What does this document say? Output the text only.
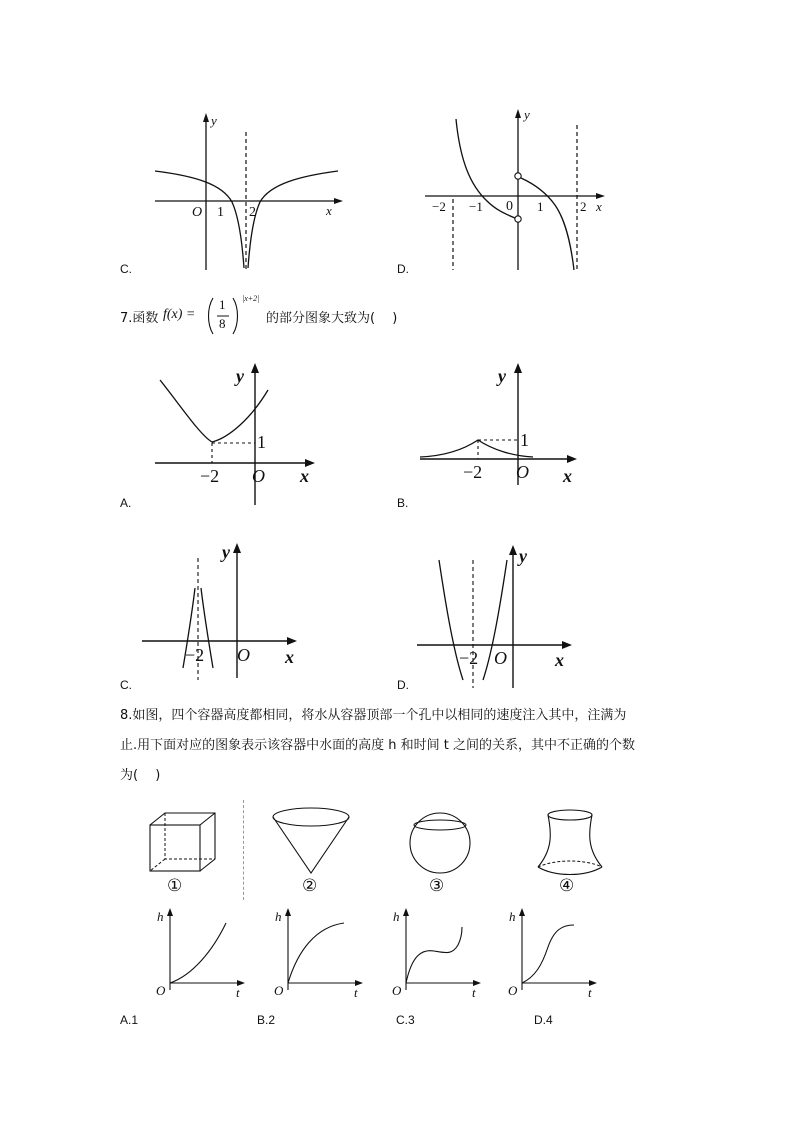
y
x
O 1 2
C.
y
x
0
−2 −1	1	2
D.
7.函数 f(x) =
1
8
|x+2|
的部分图象大致为(　 )
y
1
−2 O x
A.
y
1
−2 O x
B.
y
−2 O x
C.
y
−2 O	x
D.
8.如图，四个容器高度都相同，将水从容器顶部一个孔中以相同的速度注入其中，注满为
止.用下面对应的图象表示该容器中水面的高度 h 和时间 t 之间的关系，其中不正确的个数
为(　 )
①	②	③	④
h
O	t
h
O	t
h
O	t
h
O	t
A.1	B.2	C.3	D.4
